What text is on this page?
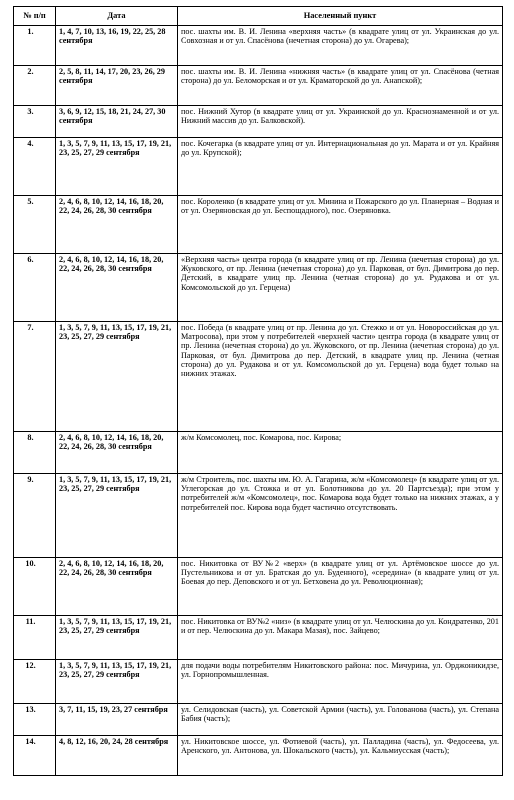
№ п/п	Дата	Населенный пункт
1.	1, 4, 7, 10, 13, 16, 19, 22, 25, 28 сентября	пос. шахты им. В. И. Ленина «верхняя часть» (в квадрате улиц от ул. Украинская до ул. Совхозная и от ул. Спасёнова (нечетная сторона) до ул. Огарева);
2.	2, 5, 8, 11, 14, 17, 20, 23, 26, 29 сентября	пос. шахты им. В. И. Ленина «нижняя часть» (в квадрате улиц от ул. Спасёнова (четная сторона) до ул. Беломорская и от ул. Краматорской до ул. Анапской);
3.	3, 6, 9, 12, 15, 18, 21, 24, 27, 30 сентября	пос. Нижний Хутор (в квадрате улиц от ул. Украинской до ул. Краснознаменной и от ул. Нижний массив до ул. Балковской).
4.	1, 3, 5, 7, 9, 11, 13, 15, 17, 19, 21, 23, 25, 27, 29 сентября	пос. Кочегарка (в квадрате улиц от ул. Интернациональная до ул. Марата и от ул. Крайняя до ул. Крупской);
5.	2, 4, 6, 8, 10, 12, 14, 16, 18, 20, 22, 24, 26, 28, 30 сентября	пос. Короленко (в квадрате улиц от ул. Минина и Пожарского до ул. Планерная – Водная и от ул. Озеряновская до ул. Беспощадного), пос. Озеряновка.
6.	2, 4, 6, 8, 10, 12, 14, 16, 18, 20, 22, 24, 26, 28, 30 сентября	«Верхняя часть» центра города (в квадрате улиц от пр. Ленина (нечетная сторона) до ул. Жуковского, от пр. Ленина (нечетная сторона) до ул. Парковая, от бул. Димитрова до пер. Детский, в квадрате улиц пр. Ленина (четная сторона) до ул. Рудакова и от ул. Комсомольской до ул. Герцена)
7.	1, 3, 5, 7, 9, 11, 13, 15, 17, 19, 21, 23, 25, 27, 29 сентября	пос. Победа (в квадрате улиц от пр. Ленина до ул. Стежко и от ул. Новороссийская до ул. Матросова), при этом у потребителей «верхней части» центра города (в квадрате улиц от пр. Ленина (нечетная сторона) до ул. Жуковского, от пр. Ленина (нечетная сторона) до ул. Парковая, от бул. Димитрова до пер. Детский, в квадрате улиц пр. Ленина (четная сторона) до ул. Рудакова и от ул. Комсомольской до ул. Герцена) вода будет только на нижних этажах.
8.	2, 4, 6, 8, 10, 12, 14, 16, 18, 20, 22, 24, 26, 28, 30 сентября	ж/м Комсомолец, пос. Комарова, пос. Кирова;
9.	1, 3, 5, 7, 9, 11, 13, 15, 17, 19, 21, 23, 25, 27, 29 сентября	ж/м Строитель, пос. шахты им. Ю. А. Гагарина, ж/м «Комсомолец» (в квадрате улиц от ул. Углегорская до ул. Стожка и от ул. Болотникова до ул. 20 Партсъезда); при этом у потребителей ж/м «Комсомолец», пос. Комарова вода будет только на нижних этажах, а у потребителей пос. Кирова вода будет частично отсутствовать.
10.	2, 4, 6, 8, 10, 12, 14, 16, 18, 20, 22, 24, 26, 28, 30 сентября	пос. Никитовка от ВУ№2 «верх» (в квадрате улиц от ул. Артёмовское шоссе до ул. Пустельникова и от ул. Братская до ул. Буденного), «середина» (в квадрате улиц от ул. Боевая до пер. Деповского и от ул. Бетховена до ул. Революционная);
11.	1, 3, 5, 7, 9, 11, 13, 15, 17, 19, 21, 23, 25, 27, 29 сентября	пос. Никитовка от ВУ№2 «низ» (в квадрате улиц от ул. Челюскина до ул. Кондратенко, 201 и от пер. Челюскина до ул. Макара Мазая), пос. Зайцево;
12.	1, 3, 5, 7, 9, 11, 13, 15, 17, 19, 21, 23, 25, 27, 29 сентября	для подачи воды потребителям Никитовского района: пос. Мичурина, ул. Орджоникидзе, ул. Горнопромышленная.
13.	3, 7, 11, 15, 19, 23, 27 сентября	ул. Селидовская (часть), ул. Советской Армии (часть), ул. Голованова (часть), ул. Степана Бабия (часть);
14.	4, 8, 12, 16, 20, 24, 28 сентября	ул. Никитовское шоссе, ул. Фотиевой (часть), ул. Палладина (часть), ул. Федосеева, ул. Аренского, ул. Антонова, ул. Шокальского (часть), ул. Кальмиусская (часть);
